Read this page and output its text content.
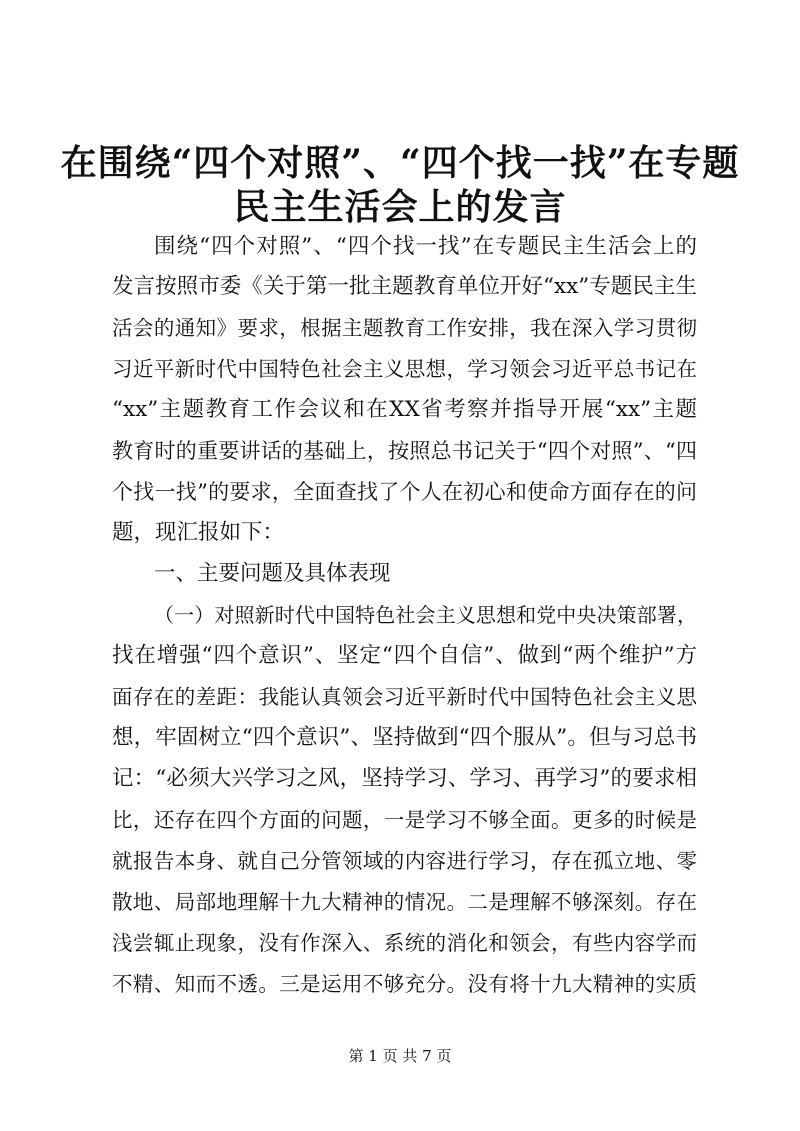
在围绕“四个对照”、“四个找一找”在专题
民主生活会上的发言
围绕“四个对照”、“四个找一找”在专题民主生活会上的
发言按照市委《关于第一批主题教育单位开好“xx”专题民主生
活会的通知》要求，根据主题教育工作安排，我在深入学习贯彻
习近平新时代中国特色社会主义思想，学习领会习近平总书记在
“xx”主题教育工作会议和在XX省考察并指导开展“xx”主题
教育时的重要讲话的基础上，按照总书记关于“四个对照”、“四
个找一找”的要求，全面查找了个人在初心和使命方面存在的问
题，现汇报如下：
一、主要问题及具体表现
（一）对照新时代中国特色社会主义思想和党中央决策部署，
找在增强“四个意识”、坚定“四个自信”、做到“两个维护”方
面存在的差距：我能认真领会习近平新时代中国特色社会主义思
想，牢固树立“四个意识”、坚持做到“四个服从”。但与习总书
记：“必须大兴学习之风，坚持学习、学习、再学习”的要求相
比，还存在四个方面的问题，一是学习不够全面。更多的时候是
就报告本身、就自己分管领域的内容进行学习，存在孤立地、零
散地、局部地理解十九大精神的情况。二是理解不够深刻。存在
浅尝辄止现象，没有作深入、系统的消化和领会，有些内容学而
不精、知而不透。三是运用不够充分。没有将十九大精神的实质
第 1 页 共 7 页
